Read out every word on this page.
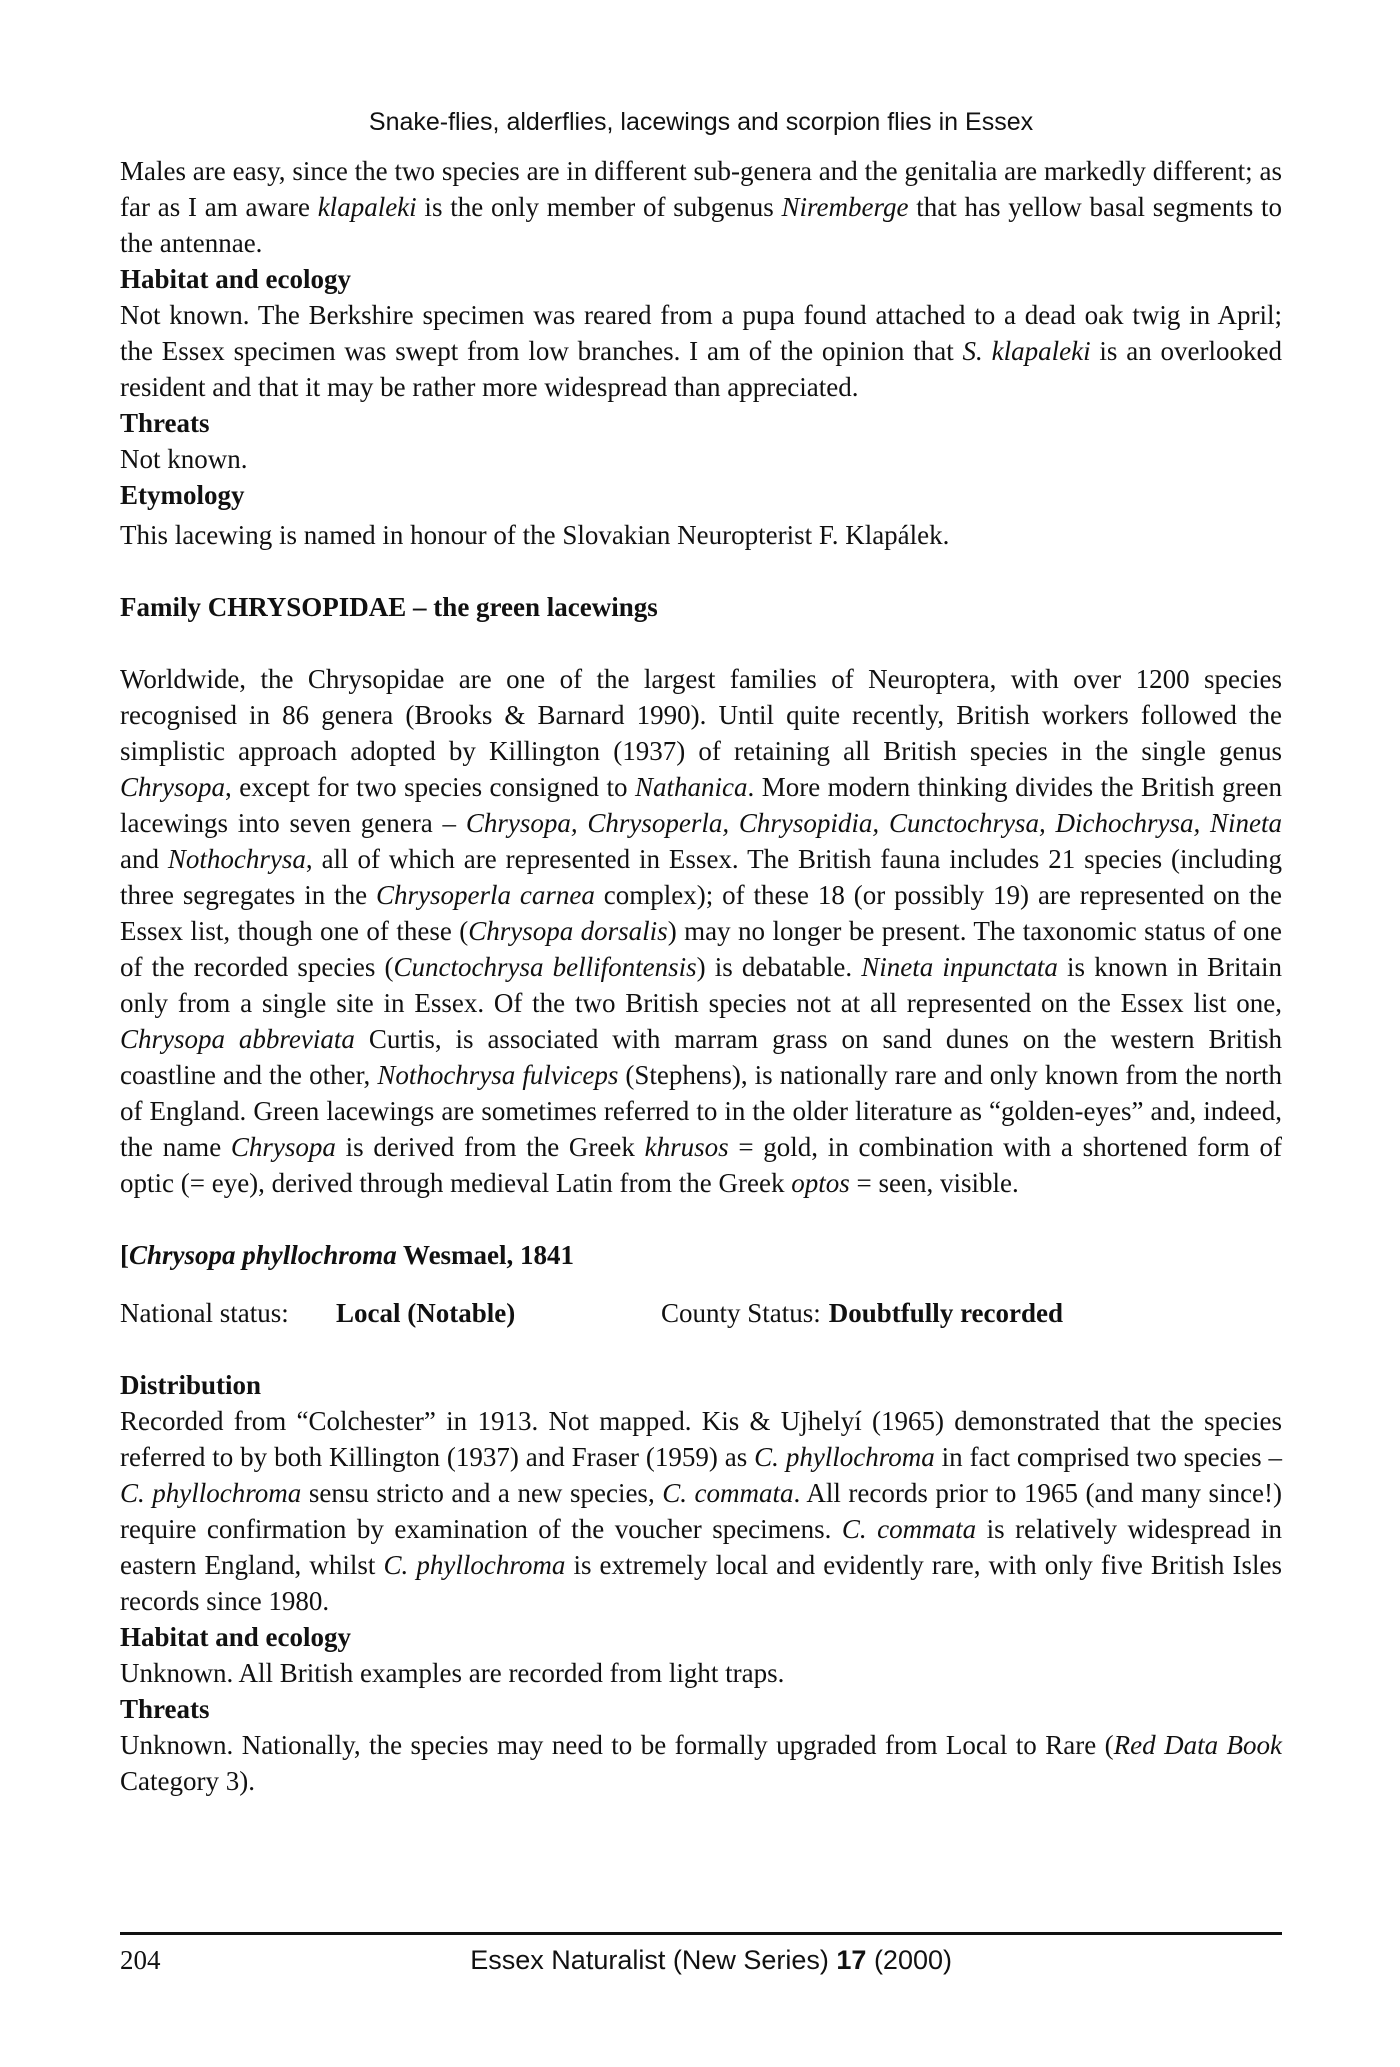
Snake-flies, alderflies, lacewings and scorpion flies in Essex

Males are easy, since the two species are in different sub-genera and the genitalia are markedly different; as far as I am aware klapaleki is the only member of subgenus Niremberge that has yellow basal segments to the antennae.

Habitat and ecology

Not known. The Berkshire specimen was reared from a pupa found attached to a dead oak twig in April; the Essex specimen was swept from low branches. I am of the opinion that S. klapaleki is an overlooked resident and that it may be rather more widespread than appreciated.

Threats

Not known.

Etymology

This lacewing is named in honour of the Slovakian Neuropterist F. Klapálek.

Family CHRYSOPIDAE – the green lacewings

Worldwide, the Chrysopidae are one of the largest families of Neuroptera, with over 1200 species recognised in 86 genera (Brooks & Barnard 1990). Until quite recently, British workers followed the simplistic approach adopted by Killington (1937) of retaining all British species in the single genus Chrysopa, except for two species consigned to Nathanica. More modern thinking divides the British green lacewings into seven genera – Chrysopa, Chrysoperla, Chrysopidia, Cunctochrysa, Dichochrysa, Nineta and Nothochrysa, all of which are represented in Essex. The British fauna includes 21 species (including three segregates in the Chrysoperla carnea complex); of these 18 (or possibly 19) are represented on the Essex list, though one of these (Chrysopa dorsalis) may no longer be present. The taxonomic status of one of the recorded species (Cunctochrysa bellifontensis) is debatable. Nineta inpunctata is known in Britain only from a single site in Essex. Of the two British species not at all represented on the Essex list one, Chrysopa abbreviata Curtis, is associated with marram grass on sand dunes on the western British coastline and the other, Nothochrysa fulviceps (Stephens), is nationally rare and only known from the north of England. Green lacewings are sometimes referred to in the older literature as “golden-eyes” and, indeed, the name Chrysopa is derived from the Greek khrusos = gold, in combination with a shortened form of optic (= eye), derived through medieval Latin from the Greek optos = seen, visible.

[Chrysopa phyllochroma Wesmael, 1841
National status:	Local (Notable)	County Status: Doubtfully recorded
Distribution

Recorded from “Colchester” in 1913. Not mapped. Kis & Ujhelyí (1965) demonstrated that the species referred to by both Killington (1937) and Fraser (1959) as C. phyllochroma in fact comprised two species – C. phyllochroma sensu stricto and a new species, C. commata. All records prior to 1965 (and many since!) require confirmation by examination of the voucher specimens. C. commata is relatively widespread in eastern England, whilst C. phyllochroma is extremely local and evidently rare, with only five British Isles records since 1980.

Habitat and ecology

Unknown. All British examples are recorded from light traps.

Threats

Unknown. Nationally, the species may need to be formally upgraded from Local to Rare (Red Data Book Category 3).

204	Essex Naturalist (New Series) 17 (2000)
